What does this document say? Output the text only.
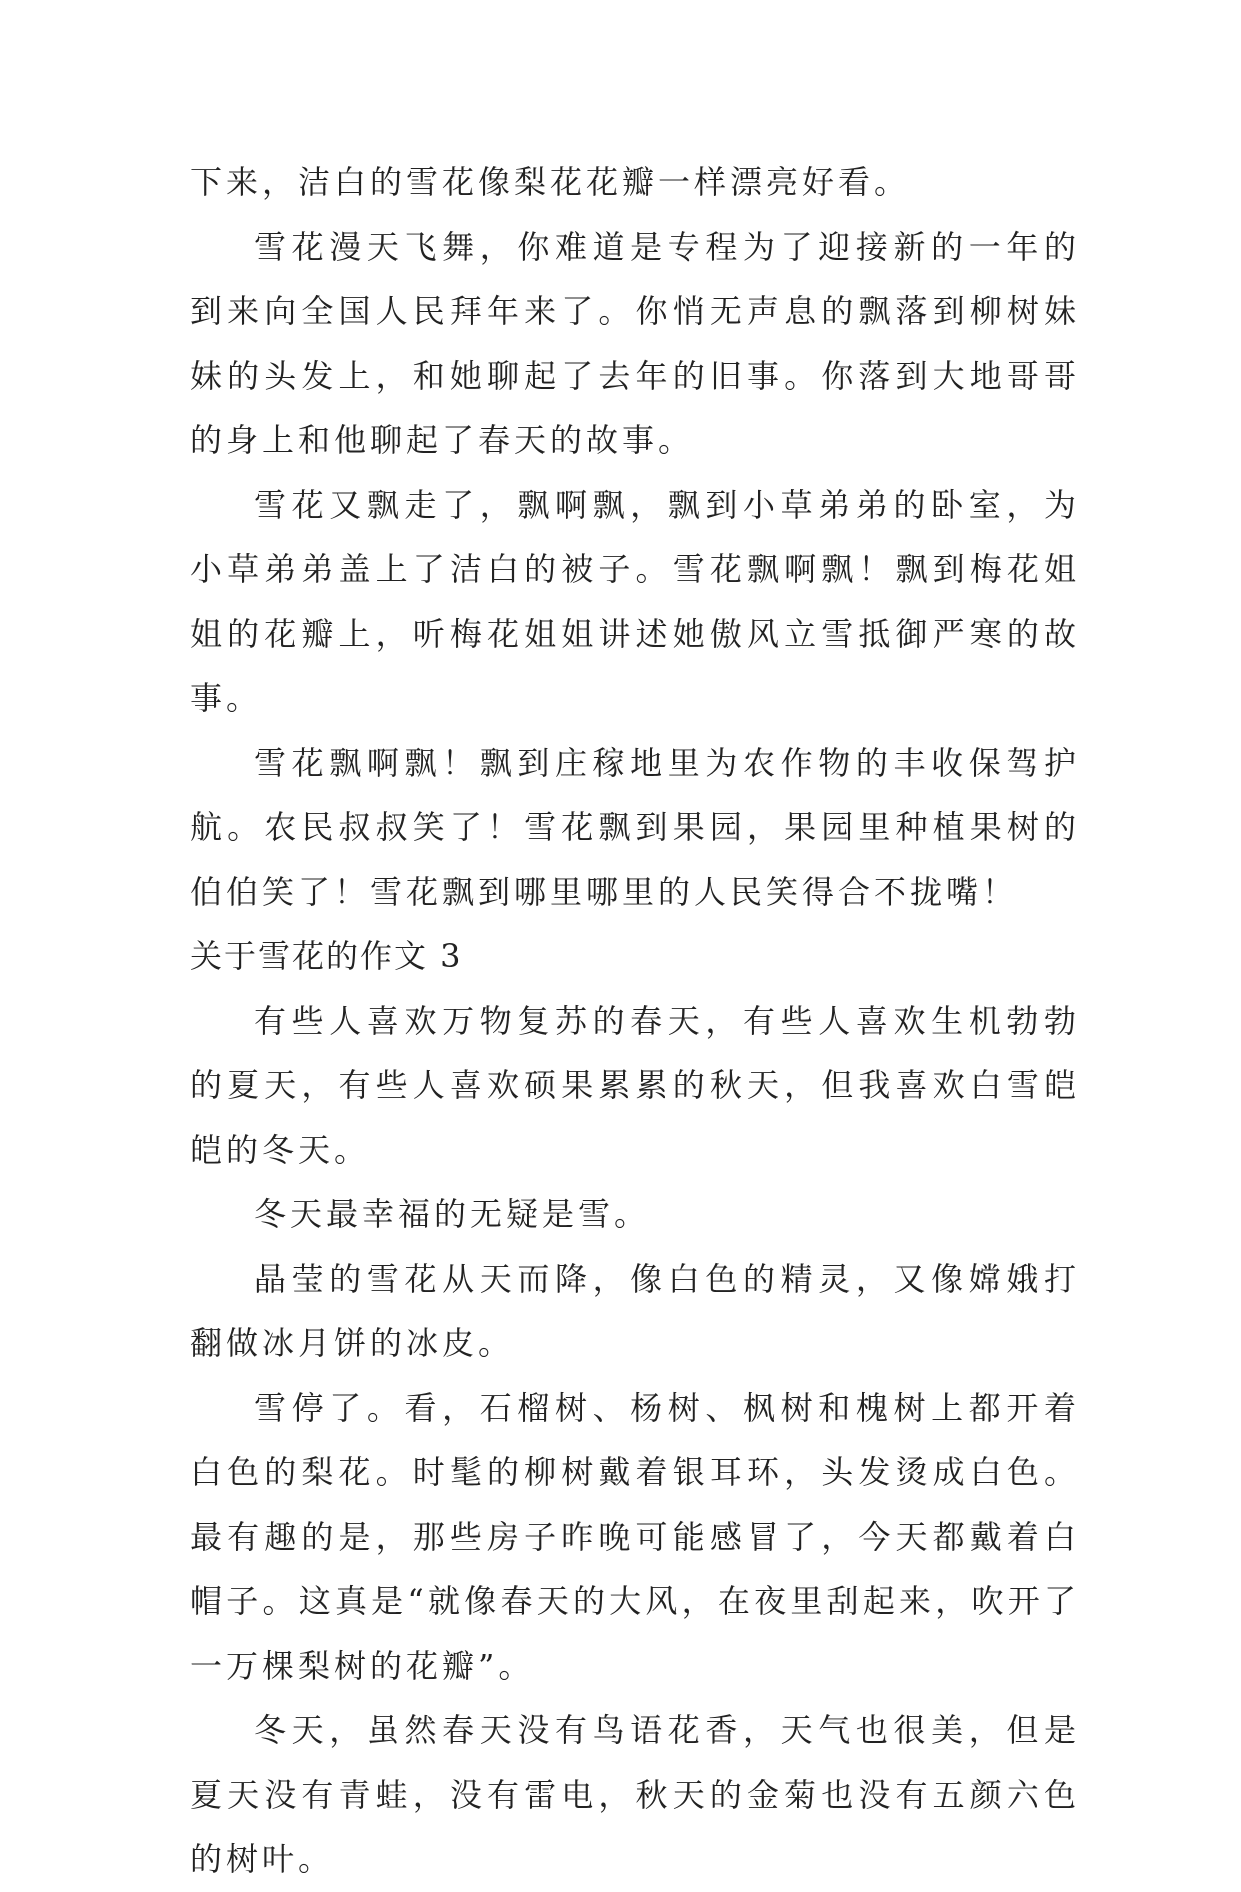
下来，洁白的雪花像梨花花瓣一样漂亮好看。

雪花漫天飞舞，你难道是专程为了迎接新的一年的到来向全国人民拜年来了。你悄无声息的飘落到柳树妹妹的头发上，和她聊起了去年的旧事。你落到大地哥哥的身上和他聊起了春天的故事。

雪花又飘走了，飘啊飘，飘到小草弟弟的卧室，为小草弟弟盖上了洁白的被子。雪花飘啊飘！飘到梅花姐姐的花瓣上，听梅花姐姐讲述她傲风立雪抵御严寒的故事。

雪花飘啊飘！飘到庄稼地里为农作物的丰收保驾护航。农民叔叔笑了！雪花飘到果园，果园里种植果树的伯伯笑了！雪花飘到哪里哪里的人民笑得合不拢嘴！

关于雪花的作文 3

有些人喜欢万物复苏的春天，有些人喜欢生机勃勃的夏天，有些人喜欢硕果累累的秋天，但我喜欢白雪皑皑的冬天。

冬天最幸福的无疑是雪。

晶莹的雪花从天而降，像白色的精灵，又像嫦娥打翻做冰月饼的冰皮。

雪停了。看，石榴树、杨树、枫树和槐树上都开着白色的梨花。时髦的柳树戴着银耳环，头发烫成白色。最有趣的是，那些房子昨晚可能感冒了，今天都戴着白帽子。这真是“就像春天的大风，在夜里刮起来，吹开了一万棵梨树的花瓣”。

冬天，虽然春天没有鸟语花香，天气也很美，但是夏天没有青蛙，没有雷电，秋天的金菊也没有五颜六色的树叶。
